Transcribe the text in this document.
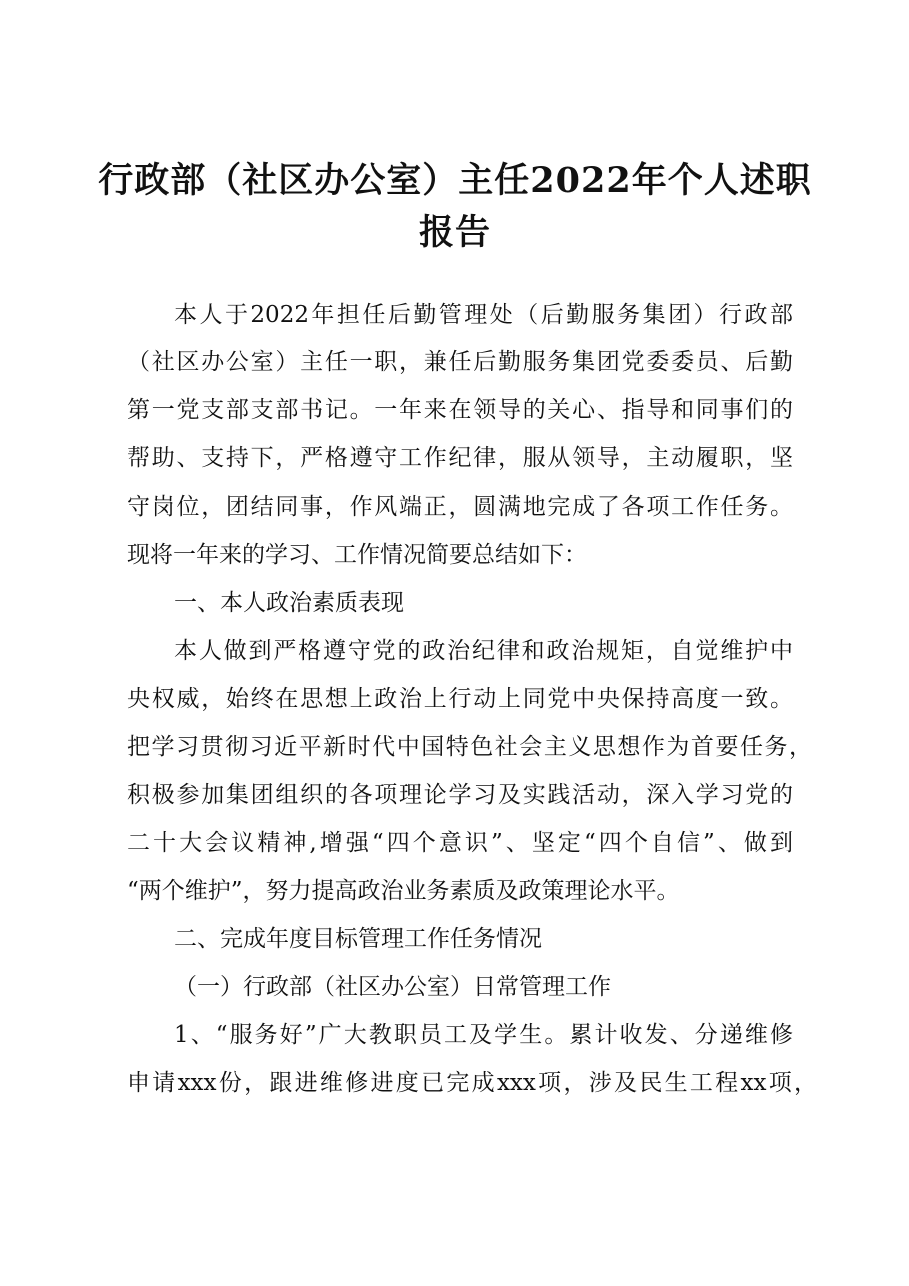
行政部（社区办公室）主任2022年个人述职
报告
本人于2022年担任后勤管理处（后勤服务集团）行政部
（社区办公室）主任一职，兼任后勤服务集团党委委员、后勤
第一党支部支部书记。一年来在领导的关心、指导和同事们的
帮助、支持下，严格遵守工作纪律，服从领导，主动履职，坚
守岗位，团结同事，作风端正，圆满地完成了各项工作任务。
现将一年来的学习、工作情况简要总结如下：
一、本人政治素质表现
本人做到严格遵守党的政治纪律和政治规矩，自觉维护中
央权威，始终在思想上政治上行动上同党中央保持高度一致。
把学习贯彻习近平新时代中国特色社会主义思想作为首要任务，
积极参加集团组织的各项理论学习及实践活动，深入学习党的
二十大会议精神,增强“四个意识”、坚定“四个自信”、做到
“两个维护”，努力提高政治业务素质及政策理论水平。
二、完成年度目标管理工作任务情况
（一）行政部（社区办公室）日常管理工作
1、“服务好”广大教职员工及学生。累计收发、分递维修
申请xxx份，跟进维修进度已完成xxx项，涉及民生工程xx项，
